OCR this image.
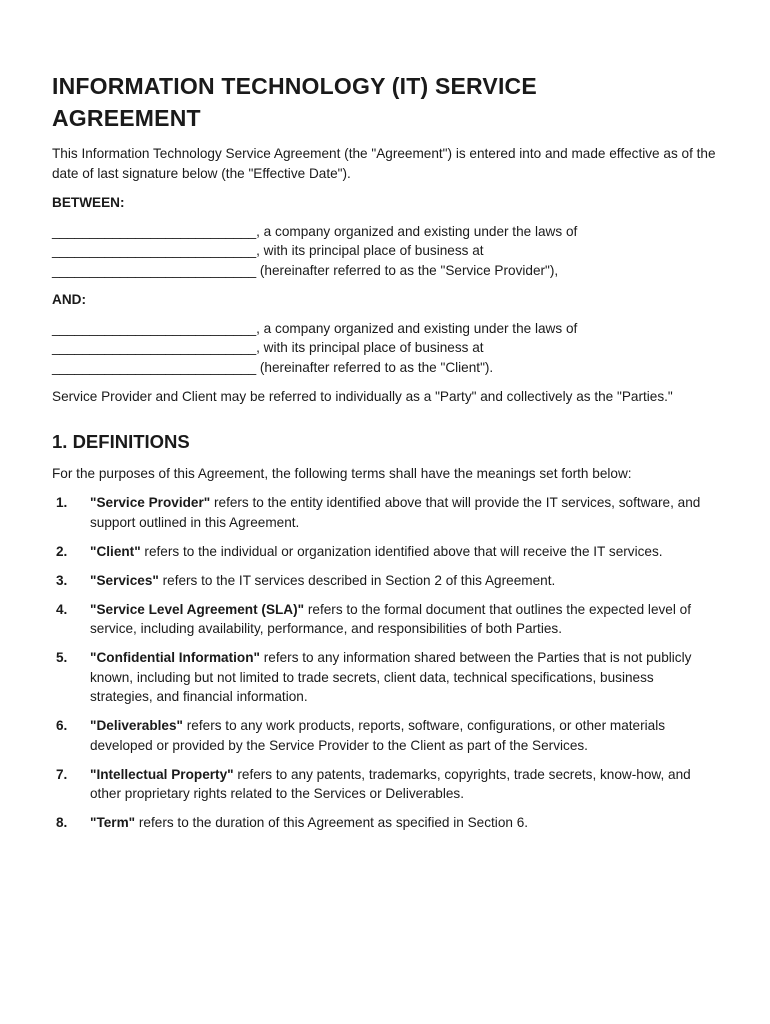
INFORMATION TECHNOLOGY (IT) SERVICE AGREEMENT

This Information Technology Service Agreement (the "Agreement") is entered into and made effective as of the date of last signature below (the "Effective Date").

BETWEEN:
___________________________, a company organized and existing under the laws of
___________________________, with its principal place of business at
___________________________ (hereinafter referred to as the "Service Provider"),
AND:
___________________________, a company organized and existing under the laws of
___________________________, with its principal place of business at
___________________________ (hereinafter referred to as the "Client").

Service Provider and Client may be referred to individually as a "Party" and collectively as the "Parties."

1. DEFINITIONS

For the purposes of this Agreement, the following terms shall have the meanings set forth below:

1.	"Service Provider" refers to the entity identified above that will provide the IT services, software, and support outlined in this Agreement.
2.	"Client" refers to the individual or organization identified above that will receive the IT services.
3.	"Services" refers to the IT services described in Section 2 of this Agreement.
4.	"Service Level Agreement (SLA)" refers to the formal document that outlines the expected level of service, including availability, performance, and responsibilities of both Parties.
5.	"Confidential Information" refers to any information shared between the Parties that is not publicly known, including but not limited to trade secrets, client data, technical specifications, business strategies, and financial information.
6.	"Deliverables" refers to any work products, reports, software, configurations, or other materials developed or provided by the Service Provider to the Client as part of the Services.
7.	"Intellectual Property" refers to any patents, trademarks, copyrights, trade secrets, know-how, and other proprietary rights related to the Services or Deliverables.
8.	"Term" refers to the duration of this Agreement as specified in Section 6.
